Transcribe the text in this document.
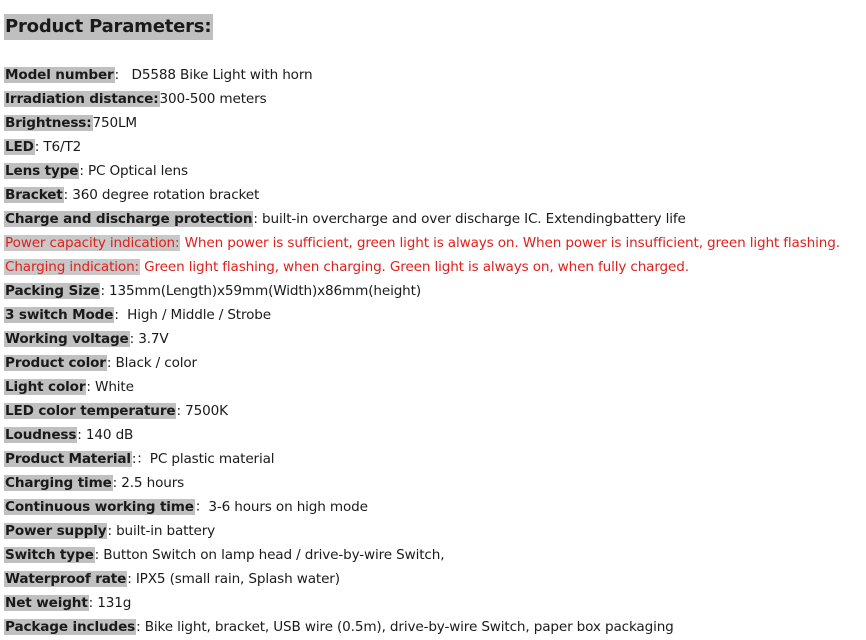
Product Parameters:
Model number:   D5588 Bike Light with horn
Irradiation distance:300-500 meters
Brightness:750LM
LED: T6/T2
Lens type: PC Optical lens
Bracket: 360 degree rotation bracket
Charge and discharge protection: built-in overcharge and over discharge IC. Extendingbattery life
Power capacity indication: When power is sufficient, green light is always on. When power is insufficient, green light flashing.
Charging indication: Green light flashing, when charging. Green light is always on, when fully charged.
Packing Size: 135mm(Length)x59mm(Width)x86mm(height)
3 switch Mode:  High / Middle / Strobe
Working voltage: 3.7V
Product color: Black / color
Light color: White
LED color temperature: 7500K
Loudness: 140 dB
Product Material:：PC plastic material
Charging time: 2.5 hours
Continuous working time：3-6 hours on high mode
Power supply: built-in battery
Switch type: Button Switch on lamp head / drive-by-wire Switch,
Waterproof rate: IPX5 (small rain, Splash water)
Net weight: 131g
Package includes: Bike light, bracket, USB wire (0.5m), drive-by-wire Switch, paper box packaging
